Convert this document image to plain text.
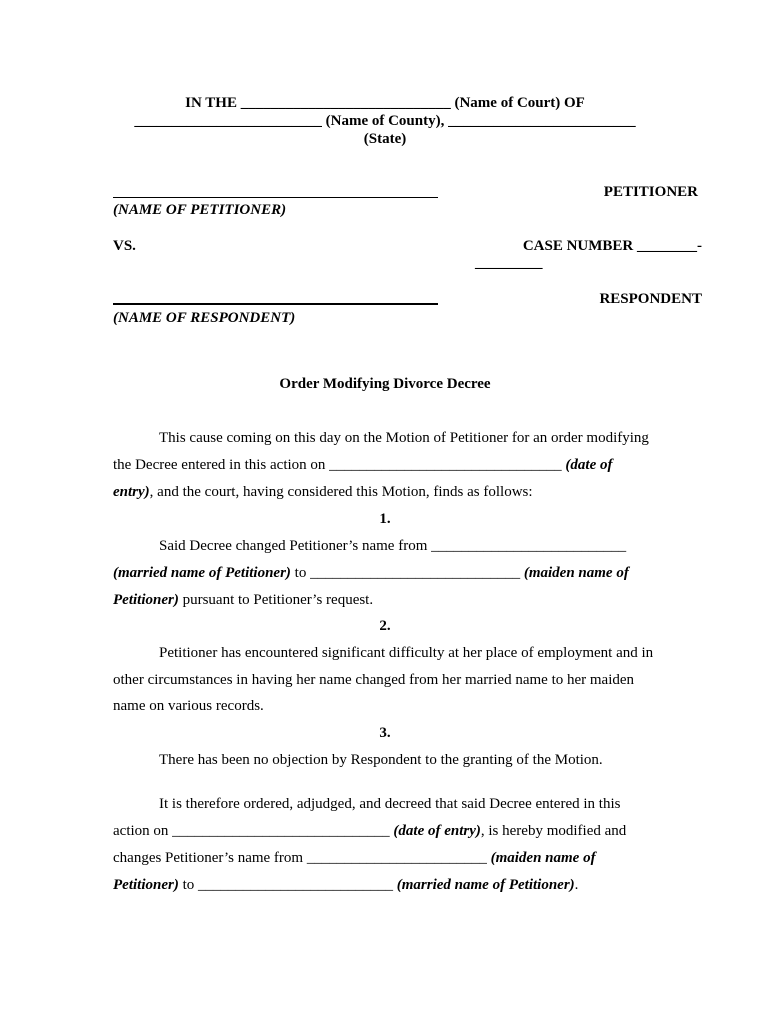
IN THE ____________________________ (Name of Court) OF
_________________________ (Name of County), _________________________
(State)
PETITIONER
(NAME OF PETITIONER)
VS.	CASE NUMBER ________-
_________
RESPONDENT
(NAME OF RESPONDENT)
Order Modifying Divorce Decree
This cause coming on this day on the Motion of Petitioner for an order modifying
the Decree entered in this action on _______________________________ (date of
entry), and the court, having considered this Motion, finds as follows:
1.
Said Decree changed Petitioner’s name from __________________________
(married name of Petitioner) to ____________________________ (maiden name of
Petitioner) pursuant to Petitioner’s request.
2.
Petitioner has encountered significant difficulty at her place of employment and in
other circumstances in having her name changed from her married name to her maiden
name on various records.
3.
There has been no objection by Respondent to the granting of the Motion.
It is therefore ordered, adjudged, and decreed that said Decree entered in this
action on _____________________________ (date of entry), is hereby modified and
changes Petitioner’s name from ________________________ (maiden name of
Petitioner) to __________________________ (married name of Petitioner).
